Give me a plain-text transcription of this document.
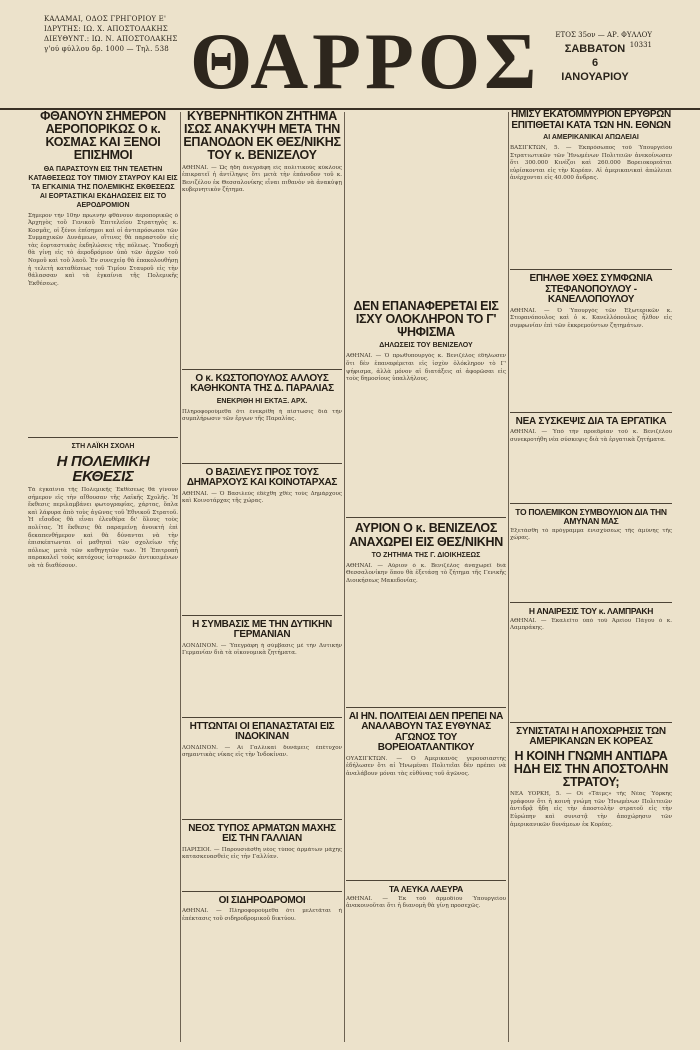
ΚΑΛΑΜΑΙ, ΟΔΟΣ ΓΡΗΓΟΡΙΟΥ Ε'
ΙΔΡΥΤΗΣ: ΙΩ. Χ. ΑΠΟΣΤΟΛΑΚΗΣ
ΔΙΕΥΘΥΝΤ.: ΙΩ. Ν. ΑΠΟΣΤΟΛΑΚΗΣ
γ'ού φύλλου δρ. 1000 — Τηλ. 538 ΘΑΡΡΟΣ	ΕΤΟΣ 35ον — ΑΡ. ΦΥΛΛΟΥ 10331
ΣΑΒΒΑΤΟΝ
6
ΙΑΝΟΥΑΡΙΟΥ
ΦΘΑΝΟΥΝ ΣΗΜΕΡΟΝ ΑΕΡΟΠΟΡΙΚΩΣ Ο κ. ΚΟΣΜΑΣ ΚΑΙ ΞΕΝΟΙ ΕΠΙΣΗΜΟΙ
ΘΑ ΠΑΡΑΣΤΟΥΝ ΕΙΣ ΤΗΝ ΤΕΛΕΤΗΝ ΚΑΤΑΘΕΣΕΩΣ ΤΟΥ ΤΙΜΙΟΥ ΣΤΑΥΡΟΥ ΚΑΙ ΕΙΣ ΤΑ ΕΓΚΑΙΝΙΑ ΤΗΣ ΠΟΛΕΜΙΚΗΣ ΕΚΘΕΣΕΩΣ ΑΙ ΕΟΡΤΑΣΤΙΚΑΙ ΕΚΔΗΛΩΣΕΙΣ ΕΙΣ ΤΟ ΑΕΡΟΔΡΟΜΙΟΝ
Σήμερον τὴν 10ην πρωινὴν φθάνουν ἀεροπορικῶς ὁ Ἀρχηγὸς τοῦ Γενικοῦ Ἐπιτελείου Στρατηγὸς κ. Κοσμᾶς, οἱ ξένοι ἐπίσημοι καὶ οἱ ἀντιπρόσωποι τῶν Συμμαχικῶν Δυνάμεων, οἵτινες θὰ παραστοῦν εἰς τὰς ἐορταστικὰς ἐκδηλώσεις τῆς πόλεως. Ὑποδοχὴ θὰ γίνῃ εἰς τὸ ἀεροδρόμιον ὑπὸ τῶν ἀρχῶν τοῦ Νομοῦ καὶ τοῦ λαοῦ. Ἐν συνεχείᾳ θὰ ἐπακολουθήσῃ ἡ τελετὴ καταθέσεως τοῦ Τιμίου Σταυροῦ εἰς τὴν θάλασσαν καὶ τὰ ἐγκαίνια τῆς Πολεμικῆς Ἐκθέσεως.
ΣΤΗ ΛΑΪΚΗ ΣΧΟΛΗ
Η ΠΟΛΕΜΙΚΗ ΕΚΘΕΣΙΣ
Τὰ ἐγκαίνια τῆς Πολεμικῆς Ἐκθέσεως θὰ γίνουν σήμερον εἰς τὴν αἴθουσαν τῆς Λαϊκῆς Σχολῆς. Ἡ ἔκθεσις περιλαμβάνει φωτογραφίας, χάρτας, ὅπλα καὶ λάφυρα ἀπὸ τοὺς ἀγῶνας τοῦ Ἐθνικοῦ Στρατοῦ. Ἡ εἴσοδος θὰ εἶναι ἐλευθέρα δι' ὅλους τοὺς πολίτας. Ἡ ἔκθεσις θὰ παραμείνῃ ἀνοικτὴ ἐπὶ δεκαπενθήμερον καὶ θὰ δύνανται νὰ τὴν ἐπισκέπτωνται οἱ μαθηταὶ τῶν σχολείων τῆς πόλεως μετὰ τῶν καθηγητῶν των. Ἡ Ἐπιτροπὴ παρακαλεῖ τοὺς κατόχους ἱστορικῶν ἀντικειμένων νὰ τὰ διαθέσουν.
ΚΥΒΕΡΝΗΤΙΚΟΝ ΖΗΤΗΜΑ ΙΣΩΣ ΑΝΑΚΥΨΗ ΜΕΤΑ ΤΗΝ ΕΠΑΝΟΔΟΝ ΕΚ ΘΕΣ/ΝΙΚΗΣ ΤΟΥ κ. ΒΕΝΙΖΕΛΟΥ
ΑΘΗΝΑΙ. — Ὡς ἤδη ἀνεγράφη εἰς πολιτικοὺς κύκλους ἐπικρατεῖ ἡ ἀντίληψις ὅτι μετὰ τὴν ἐπάνοδον τοῦ κ. Βενιζέλου ἐκ Θεσσαλονίκης εἶναι πιθανὸν νὰ ἀνακύψῃ κυβερνητικὸν ζήτημα.
Ο κ. ΚΩΣΤΟΠΟΥΛΟΣ ΑΛΛΟΥΣ ΚΑΘΗΚΟΝΤΑ ΤΗΣ Δ. ΠΑΡΑΛΙΑΣ
ΕΝΕΚΡΙΘΗ ΗΙ ΕΚΤΑΞ. ΑΡΧ.
Πληροφορούμεθα ὅτι ἐνεκρίθη ἡ πίστωσις διὰ τὴν συμπλήρωσιν τῶν ἔργων τῆς Παραλίας.
Ο ΒΑΣΙΛΕΥΣ ΠΡΟΣ ΤΟΥΣ ΔΗΜΑΡΧΟΥΣ ΚΑΙ ΚΟΙΝΟΤΑΡΧΑΣ
ΑΘΗΝΑΙ. — Ὁ Βασιλεὺς ἐδέχθη χθὲς τοὺς Δημάρχους καὶ Κοινοτάρχας τῆς χώρας.
Η ΣΥΜΒΑΣΙΣ ΜΕ ΤΗΝ ΔΥΤΙΚΗΝ ΓΕΡΜΑΝΙΑΝ
ΛΟΝΔΙΝΟΝ. — Ὑπεγράφη ἡ σύμβασις μὲ τὴν Δυτικὴν Γερμανίαν διὰ τὰ οἰκονομικὰ ζητήματα.
ΗΤΤΩΝΤΑΙ ΟΙ ΕΠΑΝΑΣΤΑΤΑΙ ΕΙΣ ΙΝΔΟΚΙΝΑΝ
ΛΟΝΔΙΝΟΝ. — Αἱ Γαλλικαὶ δυνάμεις ἐπέτυχον σημαντικὰς νίκας εἰς τὴν Ἰνδοκίναν.
ΝΕΟΣ ΤΥΠΟΣ ΑΡΜΑΤΩΝ ΜΑΧΗΣ ΕΙΣ ΤΗΝ ΓΑΛΛΙΑΝ
ΠΑΡΙΣΙΟΙ. — Παρουσιάσθη νέος τύπος ἀρμάτων μάχης κατασκευασθεὶς εἰς τὴν Γαλλίαν.
ΟΙ ΣΙΔΗΡΟΔΡΟΜΟΙ
ΑΘΗΝΑΙ. — Πληροφορούμεθα ὅτι μελετᾶται ἡ ἐπέκτασις τοῦ σιδηροδρομικοῦ δικτύου.
ΔΕΝ ΕΠΑΝΑΦΕΡΕΤΑΙ ΕΙΣ ΙΣΧΥ ΟΛΟΚΛΗΡΟΝ ΤΟ Γ' ΨΗΦΙΣΜΑ
ΔΗΛΩΣΕΙΣ ΤΟΥ ΒΕΝΙΖΕΛΟΥ
ΑΘΗΝΑΙ. — Ὁ πρωθυπουργὸς κ. Βενιζέλος ἐδήλωσεν ὅτι δὲν ἐπαναφέρεται εἰς ἰσχὺν ὁλόκληρον τὸ Γ' ψήφισμα, ἀλλὰ μόνον αἱ διατάξεις αἱ ἀφορῶσαι εἰς τοὺς δημοσίους ὑπαλλήλους.
ΑΥΡΙΟΝ Ο κ. ΒΕΝΙΖΕΛΟΣ ΑΝΑΧΩΡΕΙ ΕΙΣ ΘΕΣ/ΝΙΚΗΝ
ΤΟ ΖΗΤΗΜΑ ΤΗΣ Γ. ΔΙΟΙΚΗΣΕΩΣ
ΑΘΗΝΑΙ. — Αὔριον ὁ κ. Βενιζέλος ἀναχωρεῖ διὰ Θεσσαλονίκην ὅπου θὰ ἐξετάσῃ τὸ ζήτημα τῆς Γενικῆς Διοικήσεως Μακεδονίας.
ΑΙ ΗΝ. ΠΟΛΙΤΕΙΑΙ ΔΕΝ ΠΡΕΠΕΙ ΝΑ ΑΝΑΛΑΒΟΥΝ ΤΑΣ ΕΥΘΥΝΑΣ ΑΓΩΝΟΣ ΤΟΥ ΒΟΡΕΙΟΑΤΛΑΝΤΙΚΟΥ
ΟΥΑΣΙΓΚΤΩΝ. — Ὁ Ἀμερικανὸς γερουσιαστὴς ἐδήλωσεν ὅτι αἱ Ἡνωμέναι Πολιτεῖαι δὲν πρέπει νὰ ἀναλάβουν μόναι τὰς εὐθύνας τοῦ ἀγῶνος.
ΤΑ ΛΕΥΚΑ ΛΑΕΥΡΑ
ΑΘΗΝΑΙ. — Ἐκ τοῦ ἀρμοδίου Ὑπουργείου ἀνακοινοῦται ὅτι ἡ διανομὴ θὰ γίνῃ προσεχῶς.
ΗΜΙΣΥ ΕΚΑΤΟΜΜΥΡΙΟΝ ΕΡΥΘΡΩΝ ΕΠΙΤΙΘΕΤΑΙ ΚΑΤΑ ΤΩΝ ΗΝ. ΕΘΝΩΝ
ΑΙ ΑΜΕΡΙΚΑΝΙΚΑΙ ΑΠΩΛΕΙΑΙ
ΒΑΣΙΓΚΤΩΝ, 5. — Ἐκπρόσωπος τοῦ Ὑπουργείου Στρατιωτικῶν τῶν Ἡνωμένων Πολιτειῶν ἀνεκοίνωσεν ὅτι 300.000 Κινέζοι καὶ 260.000 Βορειοκορεάται εὑρίσκονται εἰς τὴν Κορέαν. Αἱ ἀμερικανικαὶ ἀπώλειαι ἀνέρχονται εἰς 40.000 ἄνδρας.
ΕΠΗΛΘΕ ΧΘΕΣ ΣΥΜΦΩΝΙΑ ΣΤΕΦΑΝΟΠΟΥΛΟΥ - ΚΑΝΕΛΛΟΠΟΥΛΟΥ
ΑΘΗΝΑΙ. — Ὁ Ὑπουργὸς τῶν Ἐξωτερικῶν κ. Στεφανόπουλος καὶ ὁ κ. Κανελλόπουλος ἦλθον εἰς συμφωνίαν ἐπὶ τῶν ἐκκρεμούντων ζητημάτων.
ΝΕΑ ΣΥΣΚΕΨΙΣ ΔΙΑ ΤΑ ΕΡΓΑΤΙΚΑ
ΑΘΗΝΑΙ. — Ὑπὸ τὴν προεδρίαν τοῦ κ. Βενιζέλου συνεκροτήθη νέα σύσκεψις διὰ τὰ ἐργατικὰ ζητήματα.
ΤΟ ΠΟΛΕΜΙΚΟΝ ΣΥΜΒΟΥΛΙΟΝ ΔΙΑ ΤΗΝ ΑΜΥΝΑΝ ΜΑΣ
Ἐξετάσθη τὸ πρόγραμμα ἐνισχύσεως τῆς ἀμύνης τῆς χώρας.
Η ΑΝΑΙΡΕΣΙΣ ΤΟΥ κ. ΛΑΜΠΡΑΚΗ
ΑΘΗΝΑΙ. — Ἐκαλεῖτο ὑπὸ τοῦ Ἀρείου Πάγου ὁ κ. Λαμπράκης.
ΣΥΝΙΣΤΑΤΑΙ Η ΑΠΟΧΩΡΗΣΙΣ ΤΩΝ ΑΜΕΡΙΚΑΝΩΝ ΕΚ ΚΟΡΕΑΣ
Η ΚΟΙΝΗ ΓΝΩΜΗ ΑΝΤΙΔΡΑ ΗΔΗ ΕΙΣ ΤΗΝ ΑΠΟΣΤΟΛΗΝ ΣΤΡΑΤΟΥ;
ΝΕΑ ΥΟΡΚΗ, 5. — Οἱ «Τάϊμς» τῆς Νέας Ὑόρκης γράφουν ὅτι ἡ κοινὴ γνώμη τῶν Ἡνωμένων Πολιτειῶν ἀντιδρᾷ ἤδη εἰς τὴν ἀποστολὴν στρατοῦ εἰς τὴν Εὐρώπην καὶ συνιστᾷ τὴν ἀποχώρησιν τῶν ἀμερικανικῶν δυνάμεων ἐκ Κορέας.
